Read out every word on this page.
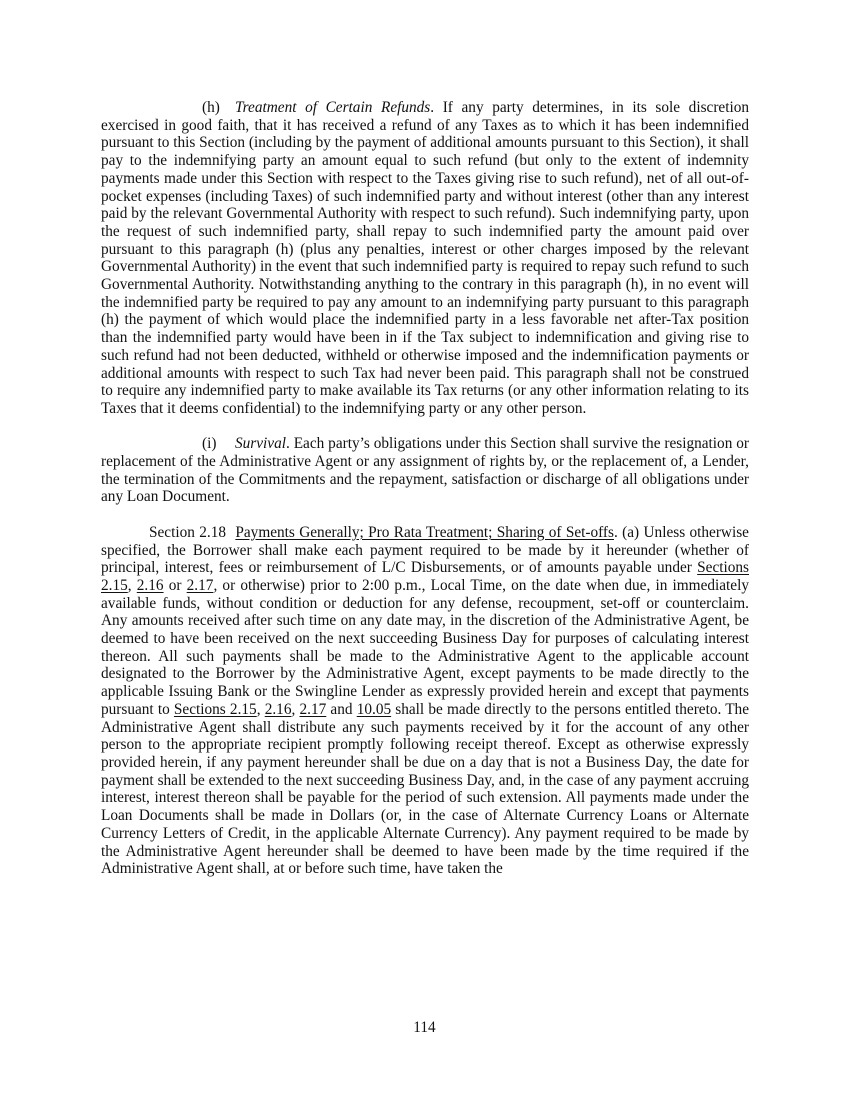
(h) Treatment of Certain Refunds. If any party determines, in its sole discretion exercised in good faith, that it has received a refund of any Taxes as to which it has been indemnified pursuant to this Section (including by the payment of additional amounts pursuant to this Section), it shall pay to the indemnifying party an amount equal to such refund (but only to the extent of indemnity payments made under this Section with respect to the Taxes giving rise to such refund), net of all out-of-pocket expenses (including Taxes) of such indemnified party and without interest (other than any interest paid by the relevant Governmental Authority with respect to such refund). Such indemnifying party, upon the request of such indemnified party, shall repay to such indemnified party the amount paid over pursuant to this paragraph (h) (plus any penalties, interest or other charges imposed by the relevant Governmental Authority) in the event that such indemnified party is required to repay such refund to such Governmental Authority. Notwithstanding anything to the contrary in this paragraph (h), in no event will the indemnified party be required to pay any amount to an indemnifying party pursuant to this paragraph (h) the payment of which would place the indemnified party in a less favorable net after-Tax position than the indemnified party would have been in if the Tax subject to indemnification and giving rise to such refund had not been deducted, withheld or otherwise imposed and the indemnification payments or additional amounts with respect to such Tax had never been paid. This paragraph shall not be construed to require any indemnified party to make available its Tax returns (or any other information relating to its Taxes that it deems confidential) to the indemnifying party or any other person.

(i) Survival. Each party’s obligations under this Section shall survive the resignation or replacement of the Administrative Agent or any assignment of rights by, or the replacement of, a Lender, the termination of the Commitments and the repayment, satisfaction or discharge of all obligations under any Loan Document.

Section 2.18 Payments Generally; Pro Rata Treatment; Sharing of Set-offs. (a) Unless otherwise specified, the Borrower shall make each payment required to be made by it hereunder (whether of principal, interest, fees or reimbursement of L/C Disbursements, or of amounts payable under Sections 2.15, 2.16 or 2.17, or otherwise) prior to 2:00 p.m., Local Time, on the date when due, in immediately available funds, without condition or deduction for any defense, recoupment, set-off or counterclaim. Any amounts received after such time on any date may, in the discretion of the Administrative Agent, be deemed to have been received on the next succeeding Business Day for purposes of calculating interest thereon. All such payments shall be made to the Administrative Agent to the applicable account designated to the Borrower by the Administrative Agent, except payments to be made directly to the applicable Issuing Bank or the Swingline Lender as expressly provided herein and except that payments pursuant to Sections 2.15, 2.16, 2.17 and 10.05 shall be made directly to the persons entitled thereto. The Administrative Agent shall distribute any such payments received by it for the account of any other person to the appropriate recipient promptly following receipt thereof. Except as otherwise expressly provided herein, if any payment hereunder shall be due on a day that is not a Business Day, the date for payment shall be extended to the next succeeding Business Day, and, in the case of any payment accruing interest, interest thereon shall be payable for the period of such extension. All payments made under the Loan Documents shall be made in Dollars (or, in the case of Alternate Currency Loans or Alternate Currency Letters of Credit, in the applicable Alternate Currency). Any payment required to be made by the Administrative Agent hereunder shall be deemed to have been made by the time required if the Administrative Agent shall, at or before such time, have taken the

114
